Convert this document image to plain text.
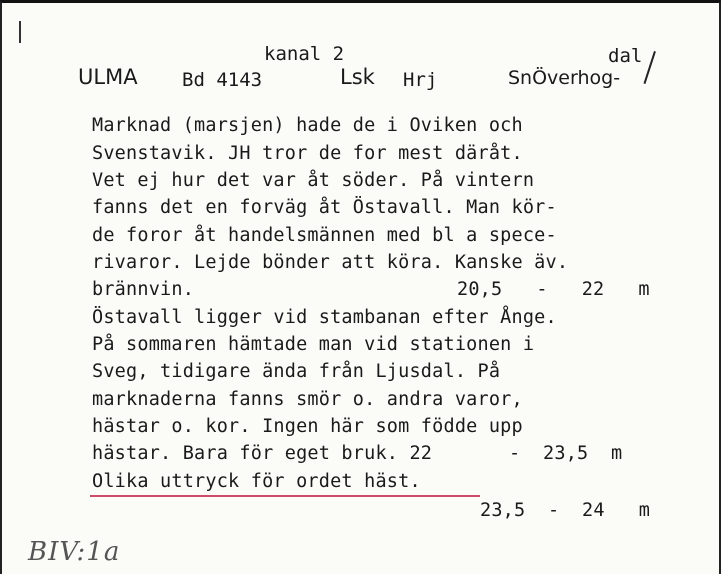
kanal 2	dal
ULMA Bd 4143	Lsk Hrj	SnÖverhog-
Marknad (marsjen) hade de i Oviken och
Svenstavik. JH tror de for mest däråt.
Vet ej hur det var åt söder. På vintern
fanns det en forväg åt Östavall. Man kör-
de foror åt handelsmännen med bl a spece-
rivaror. Lejde bönder att köra. Kanske äv.
brännvin.	20,5   -   22   m
Östavall ligger vid stambanan efter Ånge.
På sommaren hämtade man vid stationen i
Sveg, tidigare ända från Ljusdal. På
marknaderna fanns smör o. andra varor,
hästar o. kor. Ingen här som födde upp
hästar. Bara för eget bruk. 22	-  23,5  m
Olika uttryck för ordet häst.
23,5  -  24   m
BIV:1a
